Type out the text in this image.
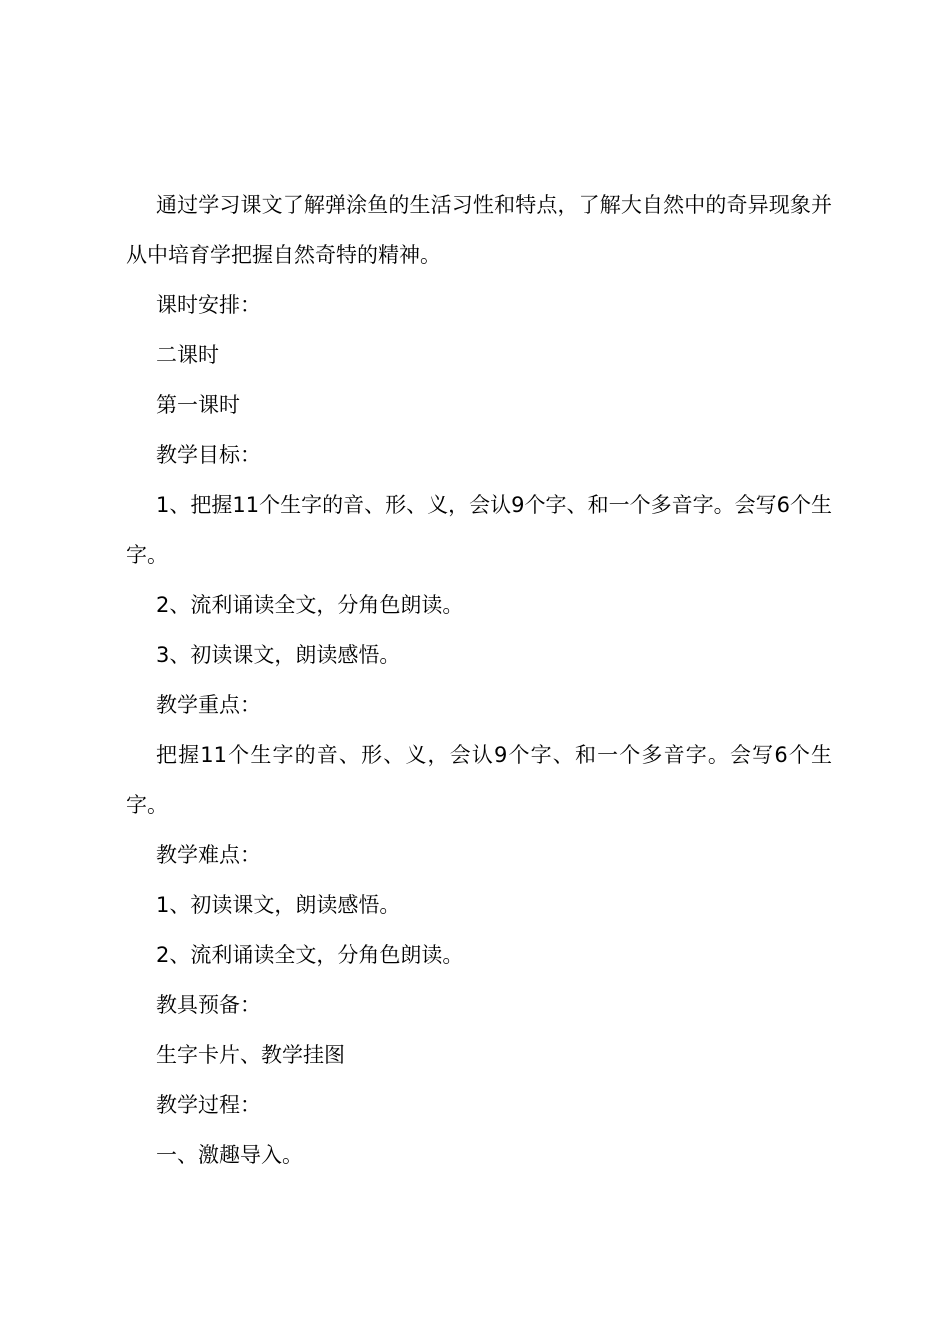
通过学习课文了解弹涂鱼的生活习性和特点，了解大自然中的奇异现象并从中培育学把握自然奇特的精神。

课时安排：

二课时

第一课时

教学目标：

1、把握11个生字的音、形、义，会认9个字、和一个多音字。会写6个生字。

2、流利诵读全文，分角色朗读。

3、初读课文，朗读感悟。

教学重点：

把握11个生字的音、形、义，会认9个字、和一个多音字。会写6个生字。

教学难点：

1、初读课文，朗读感悟。

2、流利诵读全文，分角色朗读。

教具预备：

生字卡片、教学挂图

教学过程：

一、激趣导入。
